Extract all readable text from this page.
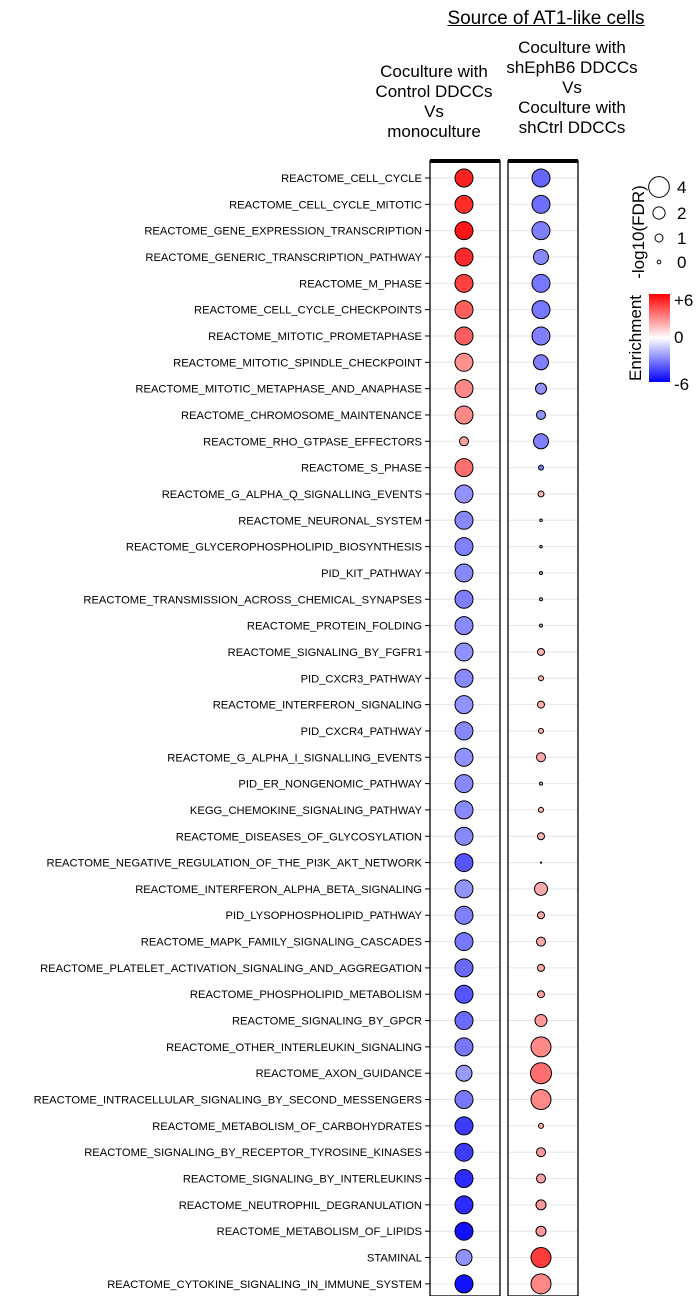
Source of AT1-like cells
Coculture with
Control DDCCs
Vs
monoculture
Coculture with
shEphB6 DDCCs
Vs
Coculture with
shCtrl DDCCs
REACTOME_CELL_CYCLE
REACTOME_CELL_CYCLE_MITOTIC
REACTOME_GENE_EXPRESSION_TRANSCRIPTION
REACTOME_GENERIC_TRANSCRIPTION_PATHWAY
REACTOME_M_PHASE
REACTOME_CELL_CYCLE_CHECKPOINTS
REACTOME_MITOTIC_PROMETAPHASE
REACTOME_MITOTIC_SPINDLE_CHECKPOINT
REACTOME_MITOTIC_METAPHASE_AND_ANAPHASE
REACTOME_CHROMOSOME_MAINTENANCE
REACTOME_RHO_GTPASE_EFFECTORS
REACTOME_S_PHASE
REACTOME_G_ALPHA_Q_SIGNALLING_EVENTS
REACTOME_NEURONAL_SYSTEM
REACTOME_GLYCEROPHOSPHOLIPID_BIOSYNTHESIS
PID_KIT_PATHWAY
REACTOME_TRANSMISSION_ACROSS_CHEMICAL_SYNAPSES
REACTOME_PROTEIN_FOLDING
REACTOME_SIGNALING_BY_FGFR1
PID_CXCR3_PATHWAY
REACTOME_INTERFERON_SIGNALING
PID_CXCR4_PATHWAY
REACTOME_G_ALPHA_I_SIGNALLING_EVENTS
PID_ER_NONGENOMIC_PATHWAY
KEGG_CHEMOKINE_SIGNALING_PATHWAY
REACTOME_DISEASES_OF_GLYCOSYLATION
REACTOME_NEGATIVE_REGULATION_OF_THE_PI3K_AKT_NETWORK
REACTOME_INTERFERON_ALPHA_BETA_SIGNALING
PID_LYSOPHOSPHOLIPID_PATHWAY
REACTOME_MAPK_FAMILY_SIGNALING_CASCADES
REACTOME_PLATELET_ACTIVATION_SIGNALING_AND_AGGREGATION
REACTOME_PHOSPHOLIPID_METABOLISM
REACTOME_SIGNALING_BY_GPCR
REACTOME_OTHER_INTERLEUKIN_SIGNALING
REACTOME_AXON_GUIDANCE
REACTOME_INTRACELLULAR_SIGNALING_BY_SECOND_MESSENGERS
REACTOME_METABOLISM_OF_CARBOHYDRATES
REACTOME_SIGNALING_BY_RECEPTOR_TYROSINE_KINASES
REACTOME_SIGNALING_BY_INTERLEUKINS
REACTOME_NEUTROPHIL_DEGRANULATION
REACTOME_METABOLISM_OF_LIPIDS
STAMINAL
REACTOME_CYTOKINE_SIGNALING_IN_IMMUNE_SYSTEM
-log10(FDR) 4
2
1
0
Enrichment +6
0
-6
